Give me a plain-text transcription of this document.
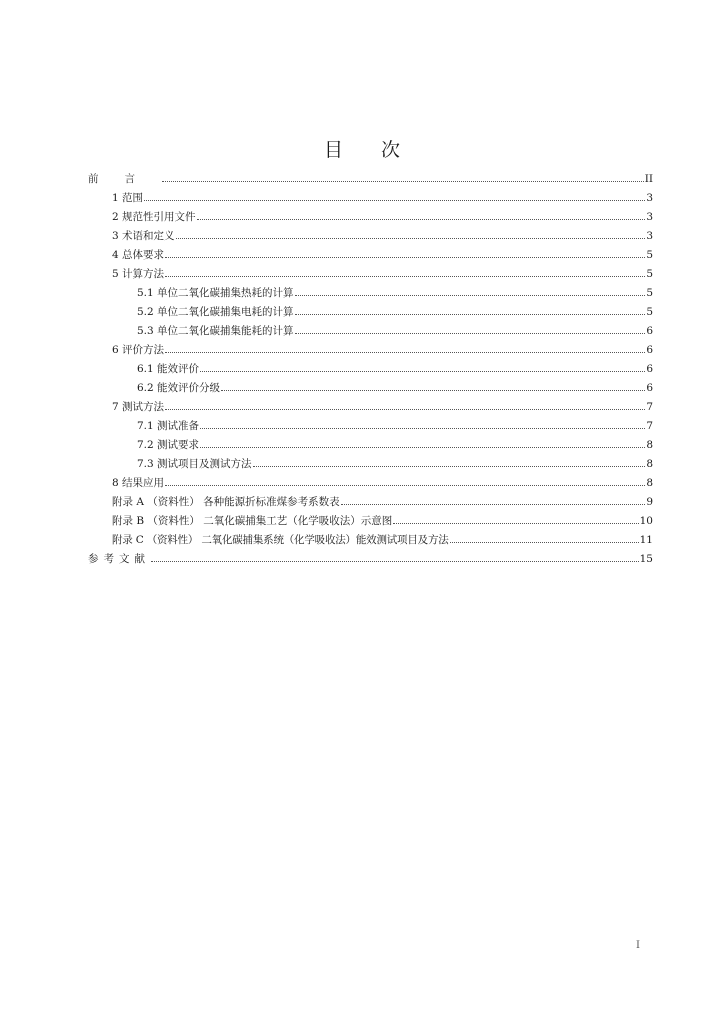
目 次
前言	II
1 范围	3
2 规范性引用文件	3
3 术语和定义	3
4 总体要求	5
5 计算方法	5
5.1 单位二氧化碳捕集热耗的计算	5
5.2 单位二氧化碳捕集电耗的计算	5
5.3 单位二氧化碳捕集能耗的计算	6
6 评价方法	6
6.1 能效评价	6
6.2 能效评价分级	6
7 测试方法	7
7.1 测试准备	7
7.2 测试要求	8
7.3 测试项目及测试方法	8
8 结果应用	8
附录 A （资料性） 各种能源折标准煤参考系数表	9
附录 B （资料性） 二氧化碳捕集工艺（化学吸收法）示意图	10
附录 C （资料性） 二氧化碳捕集系统（化学吸收法）能效测试项目及方法	11
参考文献	15
I
